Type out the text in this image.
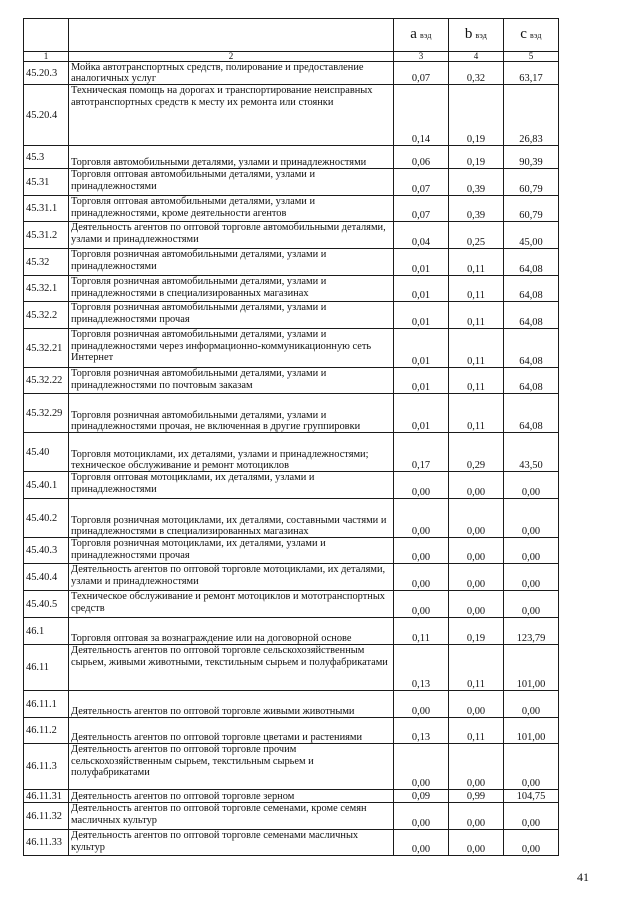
		a вэд	b вэд	c вэд
1	2	3	4	5
45.20.3	Мойка автотранспортных средств, полирование и предоставление аналогичных услуг	0,07	0,32	63,17
45.20.4	Техническая помощь на дорогах и транспортирование неисправных автотранспортных средств к месту их ремонта или стоянки	0,14	0,19	26,83
45.3	Торговля автомобильными деталями, узлами и принадлежностями	0,06	0,19	90,39
45.31	Торговля оптовая автомобильными деталями, узлами и принадлежностями	0,07	0,39	60,79
45.31.1	Торговля оптовая автомобильными деталями, узлами и принадлежностями, кроме деятельности агентов	0,07	0,39	60,79
45.31.2	Деятельность агентов по оптовой торговле автомобильными деталями, узлами и принадлежностями	0,04	0,25	45,00
45.32	Торговля розничная автомобильными деталями, узлами и принадлежностями	0,01	0,11	64,08
45.32.1	Торговля розничная автомобильными деталями, узлами и принадлежностями в специализированных магазинах	0,01	0,11	64,08
45.32.2	Торговля розничная автомобильными деталями, узлами и принадлежностями прочая	0,01	0,11	64,08
45.32.21	Торговля розничная автомобильными деталями, узлами и принадлежностями через информационно-коммуникационную сеть Интернет	0,01	0,11	64,08
45.32.22	Торговля розничная автомобильными деталями, узлами и принадлежностями по почтовым заказам	0,01	0,11	64,08
45.32.29	Торговля розничная автомобильными деталями, узлами и принадлежностями прочая, не включенная в другие группировки	0,01	0,11	64,08
45.40	Торговля мотоциклами, их деталями, узлами и принадлежностями; техническое обслуживание и ремонт мотоциклов	0,17	0,29	43,50
45.40.1	Торговля оптовая мотоциклами, их деталями, узлами и принадлежностями	0,00	0,00	0,00
45.40.2	Торговля розничная мотоциклами, их деталями, составными частями и принадлежностями в специализированных магазинах	0,00	0,00	0,00
45.40.3	Торговля розничная мотоциклами, их деталями, узлами и принадлежностями прочая	0,00	0,00	0,00
45.40.4	Деятельность агентов по оптовой торговле мотоциклами, их деталями, узлами и принадлежностями	0,00	0,00	0,00
45.40.5	Техническое обслуживание и ремонт мотоциклов и мототранспортных средств	0,00	0,00	0,00
46.1	Торговля оптовая за вознаграждение или на договорной основе	0,11	0,19	123,79
46.11	Деятельность агентов по оптовой торговле сельскохозяйственным сырьем, живыми животными, текстильным сырьем и полуфабрикатами	0,13	0,11	101,00
46.11.1	Деятельность агентов по оптовой торговле живыми животными	0,00	0,00	0,00
46.11.2	Деятельность агентов по оптовой торговле цветами и растениями	0,13	0,11	101,00
46.11.3	Деятельность агентов по оптовой торговле прочим сельскохозяйственным сырьем, текстильным сырьем и полуфабрикатами	0,00	0,00	0,00
46.11.31	Деятельность агентов по оптовой торговле зерном	0,09	0,99	104,75
46.11.32	Деятельность агентов по оптовой торговле семенами, кроме семян масличных культур	0,00	0,00	0,00
46.11.33	Деятельность агентов по оптовой торговле семенами масличных культур	0,00	0,00	0,00
41
